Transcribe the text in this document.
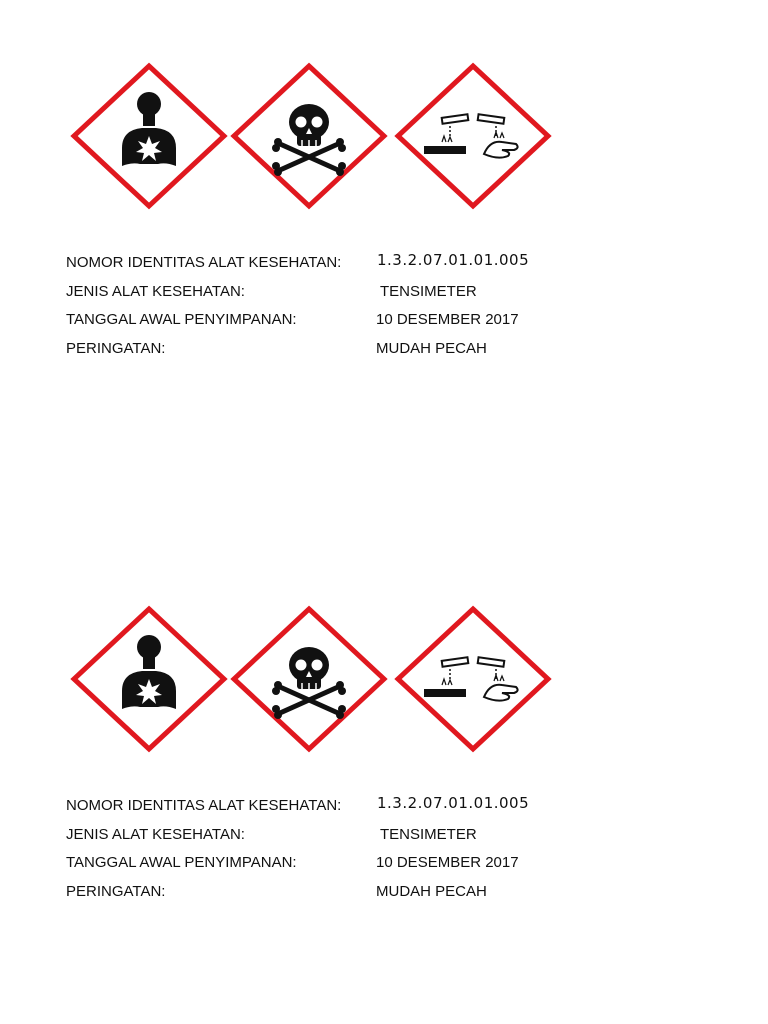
NOMOR IDENTITAS ALAT KESEHATAN: 1.3.2.07.01.01.005
JENIS ALAT KESEHATAN:	TENSIMETER
TANGGAL AWAL PENYIMPANAN:	10 DESEMBER 2017
PERINGATAN:	MUDAH PECAH
NOMOR IDENTITAS ALAT KESEHATAN: 1.3.2.07.01.01.005
JENIS ALAT KESEHATAN:	TENSIMETER
TANGGAL AWAL PENYIMPANAN:	10 DESEMBER 2017
PERINGATAN:	MUDAH PECAH
